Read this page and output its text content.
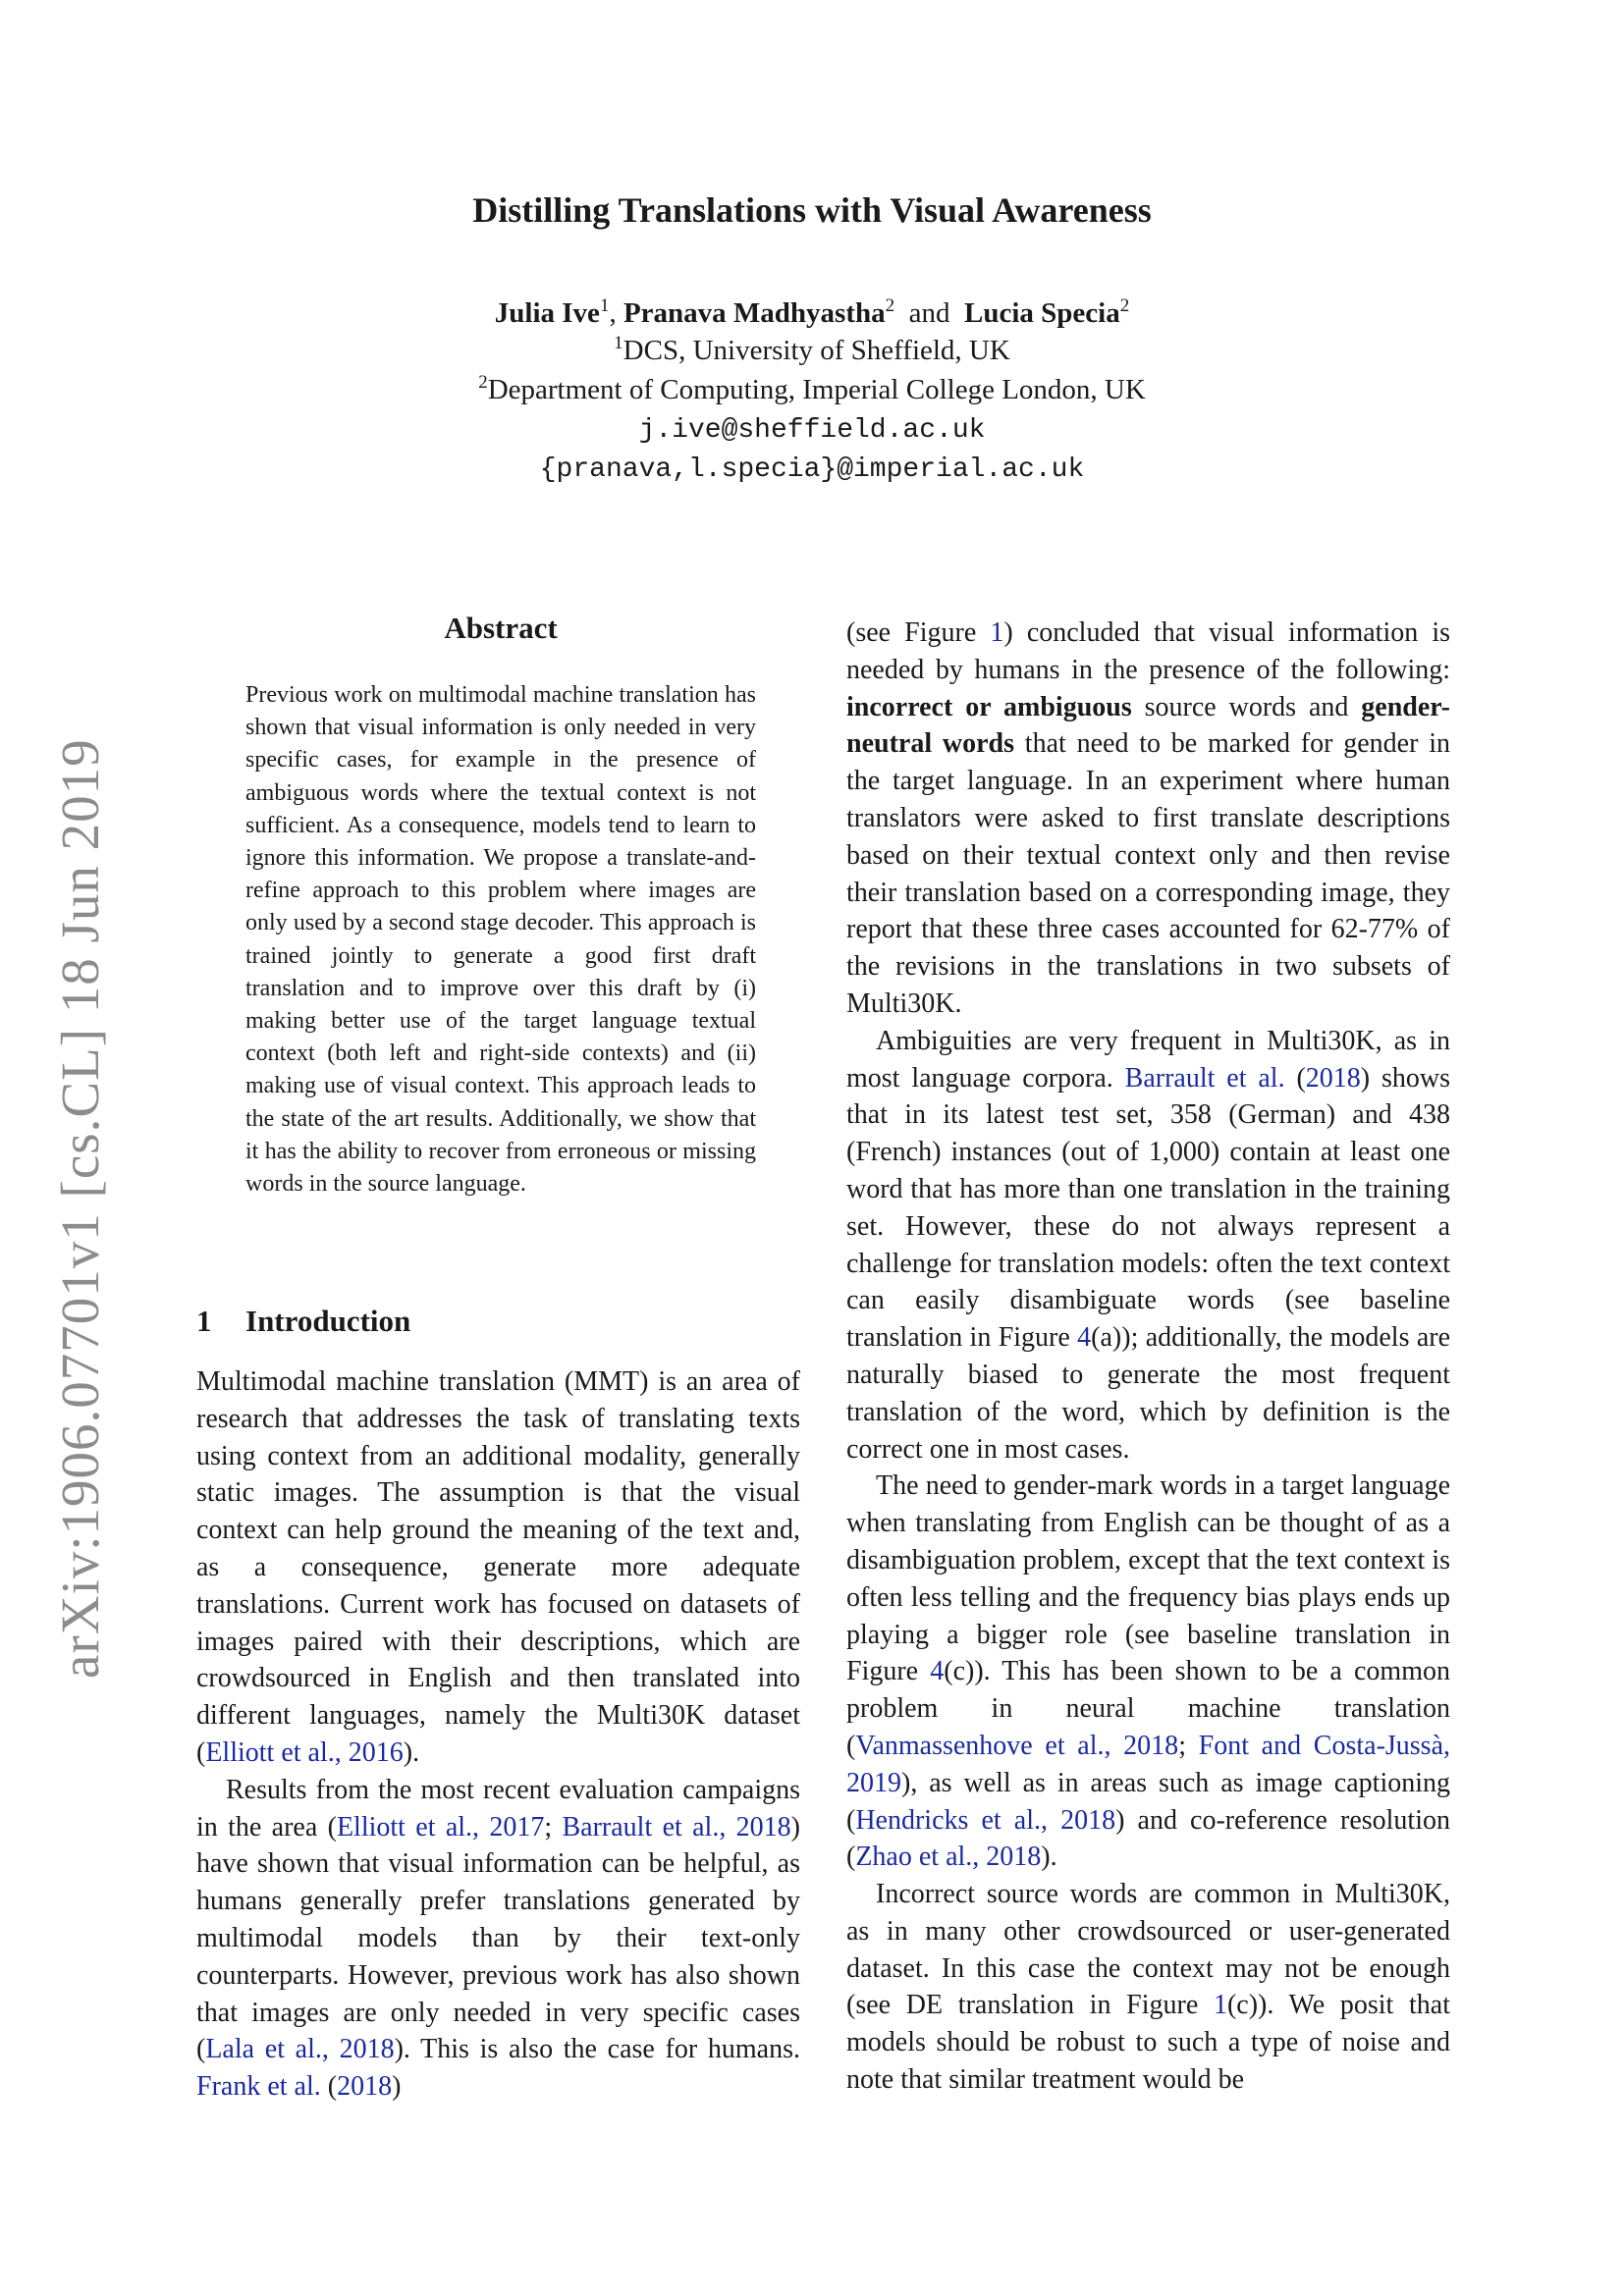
arXiv:1906.07701v1 [cs.CL] 18 Jun 2019
Distilling Translations with Visual Awareness
Julia Ive$^1$, Pranava Madhyastha$^2$ and Lucia Specia$^2$
$^1$DCS, University of Sheffield, UK
$^2$Department of Computing, Imperial College London, UK
j.ive@sheffield.ac.uk
{pranava,l.specia}@imperial.ac.uk
Abstract
Previous work on multimodal machine translation has shown that visual information is only needed in very specific cases, for example in the presence of ambiguous words where the textual context is not sufficient. As a consequence, models tend to learn to ignore this information. We propose a translate-and-refine approach to this problem where images are only used by a second stage decoder. This approach is trained jointly to generate a good first draft translation and to improve over this draft by (i) making better use of the target language textual context (both left and right-side contexts) and (ii) making use of visual context. This approach leads to the state of the art results. Additionally, we show that it has the ability to recover from erroneous or missing words in the source language.
1 Introduction

Multimodal machine translation (MMT) is an area of research that addresses the task of translating texts using context from an additional modality, generally static images. The assumption is that the visual context can help ground the meaning of the text and, as a consequence, generate more adequate translations. Current work has focused on datasets of images paired with their descriptions, which are crowdsourced in English and then translated into different languages, namely the Multi30K dataset (Elliott et al., 2016).

Results from the most recent evaluation campaigns in the area (Elliott et al., 2017; Barrault et al., 2018) have shown that visual information can be helpful, as humans generally prefer translations generated by multimodal models than by their text-only counterparts. However, previous work has also shown that images are only needed in very specific cases (Lala et al., 2018). This is also the case for humans. Frank et al. (2018)

(see Figure 1) concluded that visual information is needed by humans in the presence of the following: incorrect or ambiguous source words and gender-neutral words that need to be marked for gender in the target language. In an experiment where human translators were asked to first translate descriptions based on their textual context only and then revise their translation based on a corresponding image, they report that these three cases accounted for 62-77% of the revisions in the translations in two subsets of Multi30K.

Ambiguities are very frequent in Multi30K, as in most language corpora. Barrault et al. (2018) shows that in its latest test set, 358 (German) and 438 (French) instances (out of 1,000) contain at least one word that has more than one translation in the training set. However, these do not always represent a challenge for translation models: often the text context can easily disambiguate words (see baseline translation in Figure 4(a)); additionally, the models are naturally biased to generate the most frequent translation of the word, which by definition is the correct one in most cases.

The need to gender-mark words in a target language when translating from English can be thought of as a disambiguation problem, except that the text context is often less telling and the frequency bias plays ends up playing a bigger role (see baseline translation in Figure 4(c)). This has been shown to be a common problem in neural machine translation (Vanmassenhove et al., 2018; Font and Costa-Jussà, 2019), as well as in areas such as image captioning (Hendricks et al., 2018) and co-reference resolution (Zhao et al., 2018).

Incorrect source words are common in Multi30K, as in many other crowdsourced or user-generated dataset. In this case the context may not be enough (see DE translation in Figure 1(c)). We posit that models should be robust to such a type of noise and note that similar treatment would be
